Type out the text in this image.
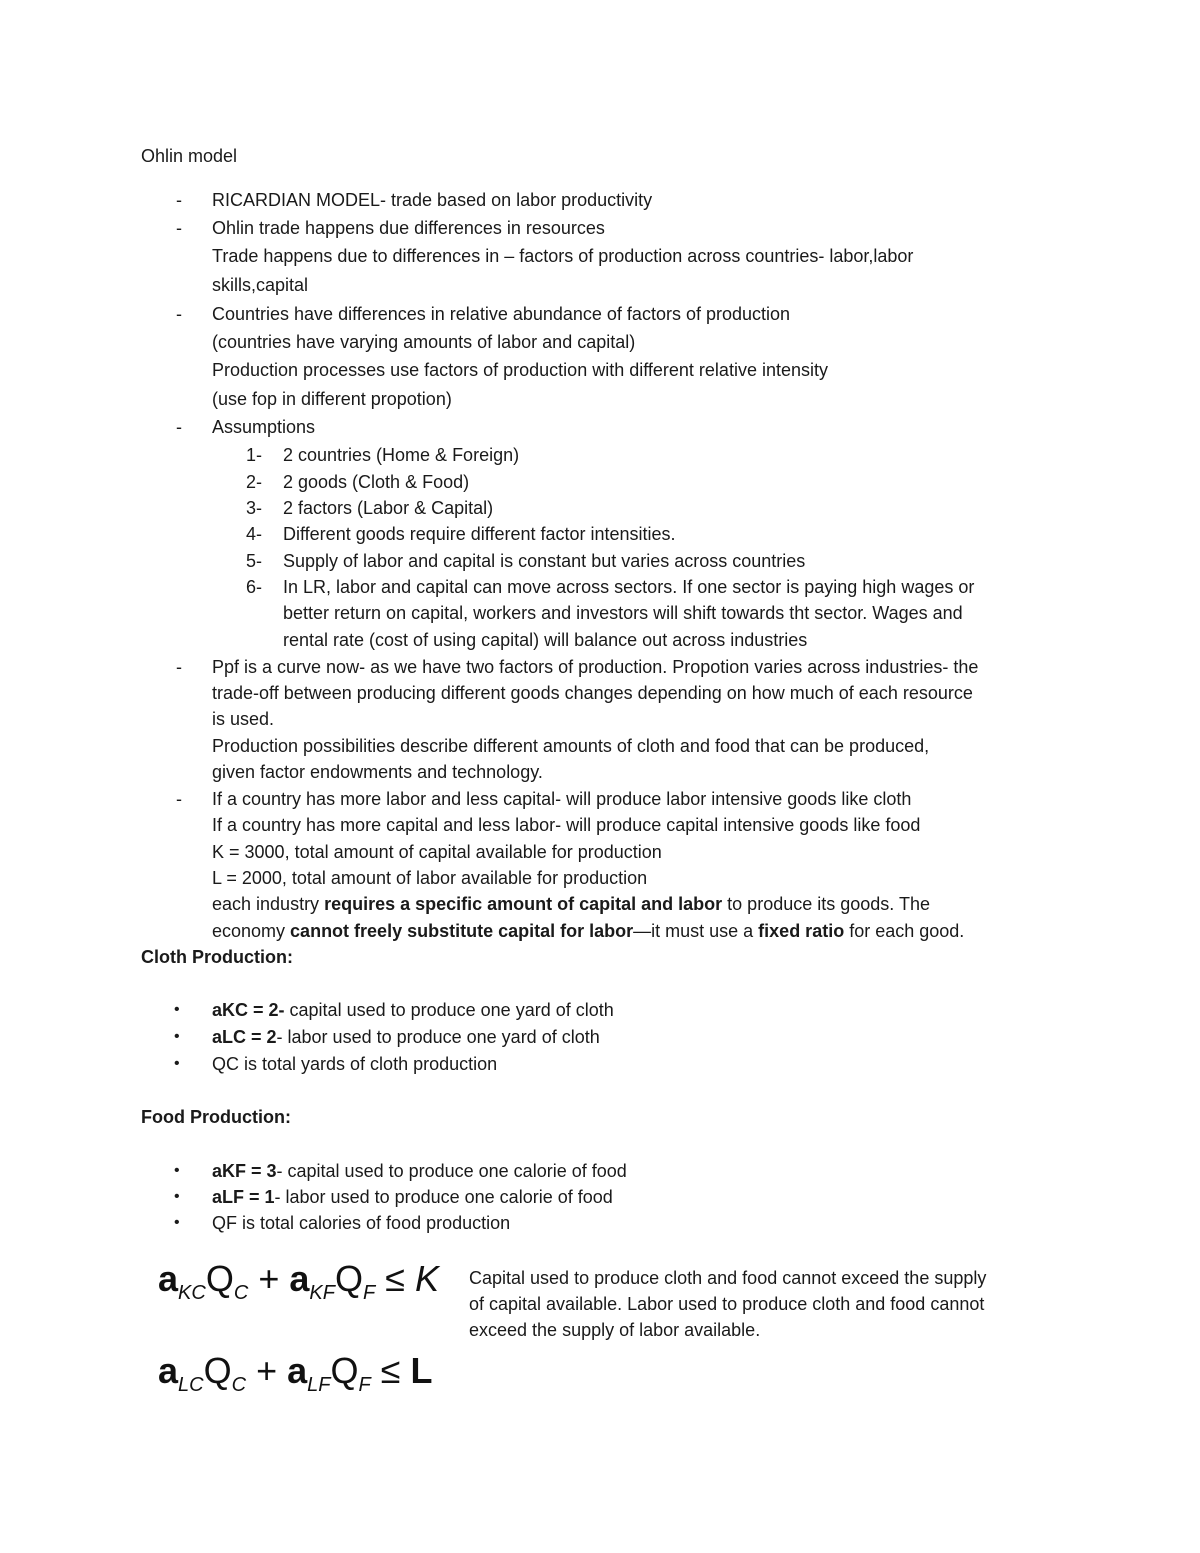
Ohlin model
- RICARDIAN MODEL- trade based on labor productivity
- Ohlin trade happens due differences in resources
Trade happens due to differences in – factors of production across countries- labor,labor
skills,capital
- Countries have differences in relative abundance of factors of production
(countries have varying amounts of labor and capital)
Production processes use factors of production with different relative intensity
(use fop in different propotion)
- Assumptions
1- 2 countries (Home & Foreign)
2- 2 goods (Cloth & Food)
3- 2 factors (Labor & Capital)
4- Different goods require different factor intensities.
5- Supply of labor and capital is constant but varies across countries
6- In LR, labor and capital can move across sectors. If one sector is paying high wages or
better return on capital, workers and investors will shift towards tht sector. Wages and
rental rate (cost of using capital) will balance out across industries
- Ppf is a curve now- as we have two factors of production. Propotion varies across industries- the
trade-off between producing different goods changes depending on how much of each resource
is used.
Production possibilities describe different amounts of cloth and food that can be produced,
given factor endowments and technology.
- If a country has more labor and less capital- will produce labor intensive goods like cloth
If a country has more capital and less labor- will produce capital intensive goods like food
K = 3000, total amount of capital available for production
L = 2000, total amount of labor available for production
each industry requires a specific amount of capital and labor to produce its goods. The
economy cannot freely substitute capital for labor—it must use a fixed ratio for each good.
Cloth Production:
• aKC = 2- capital used to produce one yard of cloth
• aLC = 2- labor used to produce one yard of cloth
• QC is total yards of cloth production
Food Production:
• aKF = 3- capital used to produce one calorie of food
• aLF = 1- labor used to produce one calorie of food
• QF is total calories of food production
$a_{KC}Q_C + a_{KF}Q_F \le K$
$a_{LC}Q_C + a_{LF}Q_F \le L$
Capital used to produce cloth and food cannot exceed the supply
of capital available. Labor used to produce cloth and food cannot
exceed the supply of labor available.
